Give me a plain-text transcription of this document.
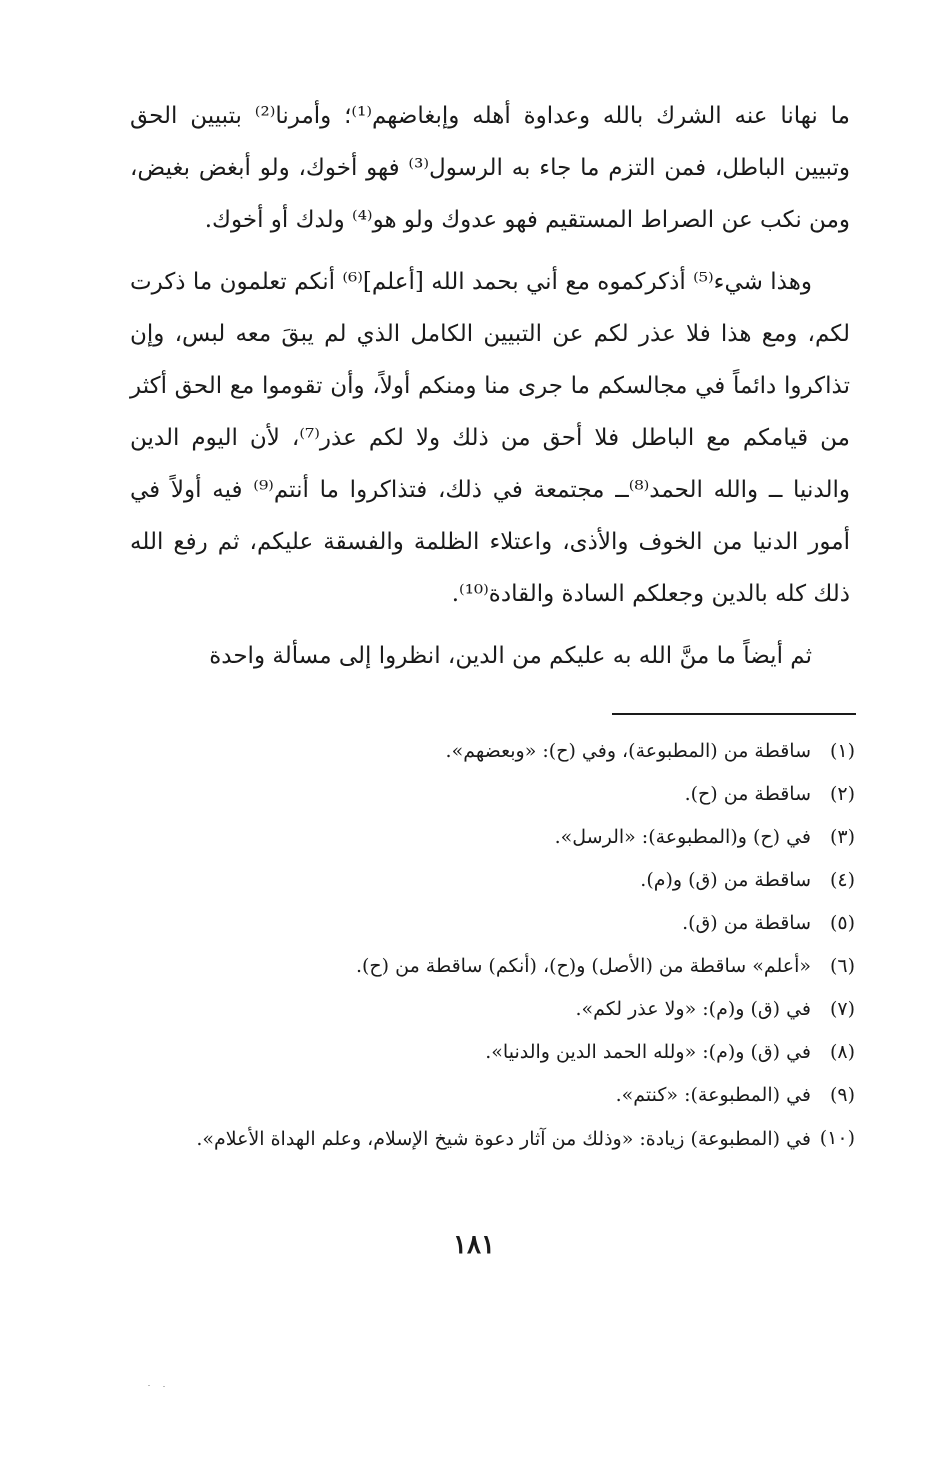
ما نهانا عنه الشرك بالله وعداوة أهله وإبغاضهم⁽¹⁾؛ وأمرنا⁽²⁾ بتبيين الحق وتبيين الباطل، فمن التزم ما جاء به الرسول⁽³⁾ فهو أخوك، ولو أبغض بغيض، ومن نكب عن الصراط المستقيم فهو عدوك ولو هو⁽⁴⁾ ولدك أو أخوك.

وهذا شيء⁽⁵⁾ أذكركموه مع أني بحمد الله [أعلم]⁽⁶⁾ أنكم تعلمون ما ذكرت لكم، ومع هذا فلا عذر لكم عن التبيين الكامل الذي لم يبقَ معه لبس، وإن تذاكروا دائماً في مجالسكم ما جرى منا ومنكم أولاً، وأن تقوموا مع الحق أكثر من قيامكم مع الباطل فلا أحق من ذلك ولا لكم عذر⁽⁷⁾، لأن اليوم الدين والدنيا ــ والله الحمد⁽⁸⁾ــ مجتمعة في ذلك، فتذاكروا ما أنتم⁽⁹⁾ فيه أولاً في أمور الدنيا من الخوف والأذى، واعتلاء الظلمة والفسقة عليكم، ثم رفع الله ذلك كله بالدين وجعلكم السادة والقادة⁽¹⁰⁾.

ثم أيضاً ما منَّ الله به عليكم من الدين، انظروا إلى مسألة واحدة

(١)
ساقطة من (المطبوعة)، وفي (ح): «وبعضهم».
(٢)
ساقطة من (ح).
(٣)
في (ح) و(المطبوعة): «الرسل».
(٤)
ساقطة من (ق) و(م).
(٥)
ساقطة من (ق).
(٦)
«أعلم» ساقطة من (الأصل) و(ح)، (أنكم) ساقطة من (ح).
(٧)
في (ق) و(م): «ولا عذر لكم».
(٨)
في (ق) و(م): «ولله الحمد الدين والدنيا».
(٩)
في (المطبوعة): «كنتم».
(١٠)
في (المطبوعة) زيادة: «وذلك من آثار دعوة شيخ الإسلام، وعلم الهداة الأعلام».
١٨١
